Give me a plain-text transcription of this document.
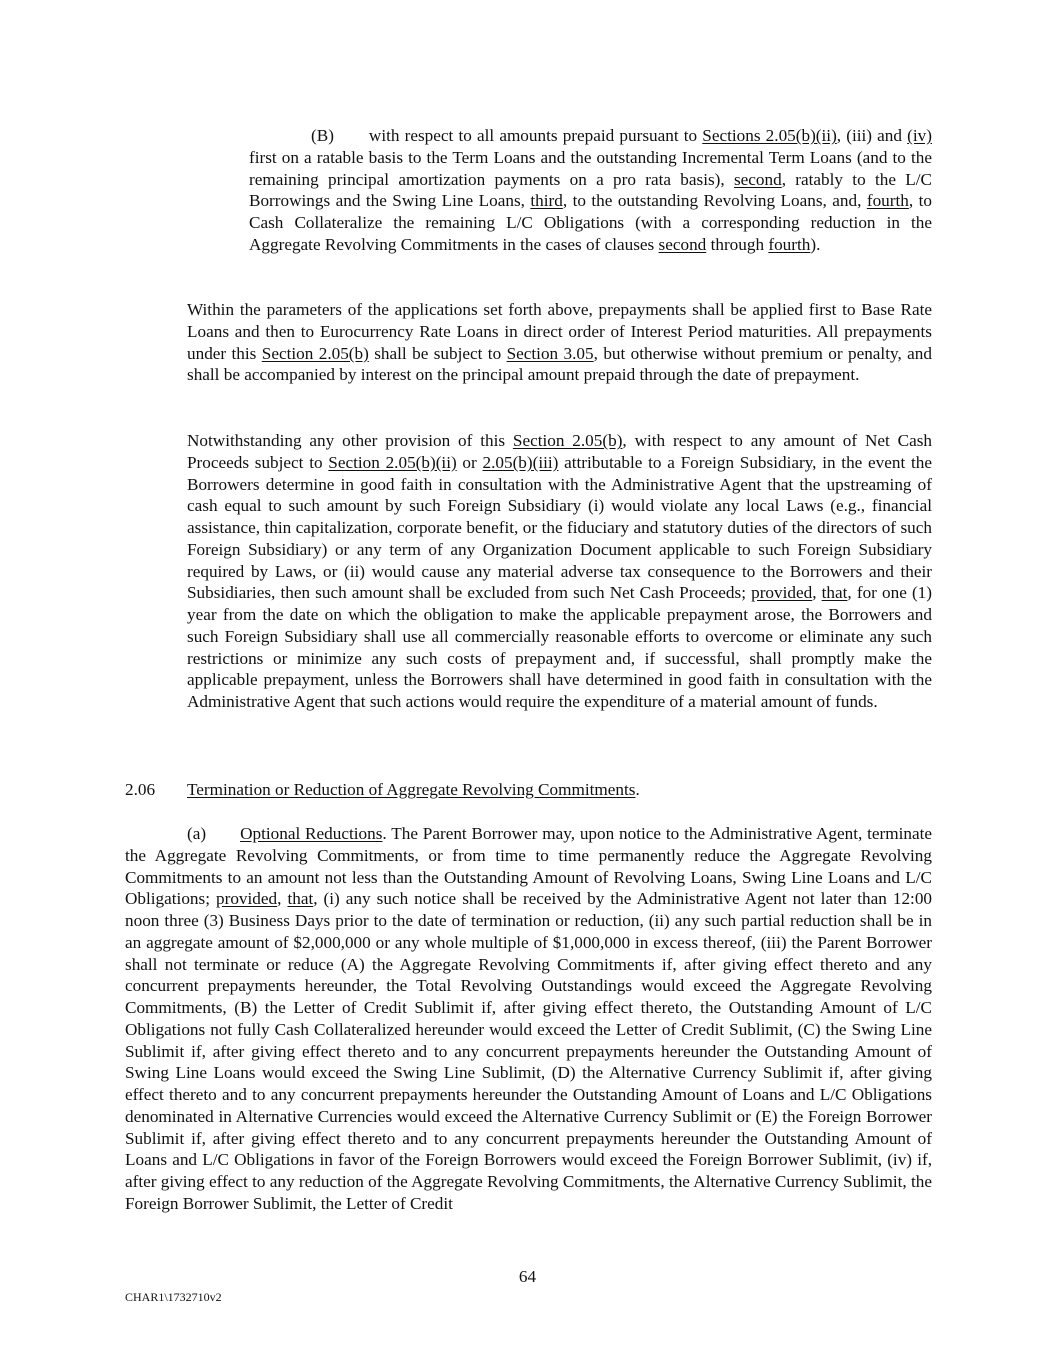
(B) with respect to all amounts prepaid pursuant to Sections 2.05(b)(ii), (iii) and (iv) first on a ratable basis to the Term Loans and the outstanding Incremental Term Loans (and to the remaining principal amortization payments on a pro rata basis), second, ratably to the L/C Borrowings and the Swing Line Loans, third, to the outstanding Revolving Loans, and, fourth, to Cash Collateralize the remaining L/C Obligations (with a corresponding reduction in the Aggregate Revolving Commitments in the cases of clauses second through fourth).

Within the parameters of the applications set forth above, prepayments shall be applied first to Base Rate Loans and then to Eurocurrency Rate Loans in direct order of Interest Period maturities. All prepayments under this Section 2.05(b) shall be subject to Section 3.05, but otherwise without premium or penalty, and shall be accompanied by interest on the principal amount prepaid through the date of prepayment.

Notwithstanding any other provision of this Section 2.05(b), with respect to any amount of Net Cash Proceeds subject to Section 2.05(b)(ii) or 2.05(b)(iii) attributable to a Foreign Subsidiary, in the event the Borrowers determine in good faith in consultation with the Administrative Agent that the upstreaming of cash equal to such amount by such Foreign Subsidiary (i) would violate any local Laws (e.g., financial assistance, thin capitalization, corporate benefit, or the fiduciary and statutory duties of the directors of such Foreign Subsidiary) or any term of any Organization Document applicable to such Foreign Subsidiary required by Laws, or (ii) would cause any material adverse tax consequence to the Borrowers and their Subsidiaries, then such amount shall be excluded from such Net Cash Proceeds; provided, that, for one (1) year from the date on which the obligation to make the applicable prepayment arose, the Borrowers and such Foreign Subsidiary shall use all commercially reasonable efforts to overcome or eliminate any such restrictions or minimize any such costs of prepayment and, if successful, shall promptly make the applicable prepayment, unless the Borrowers shall have determined in good faith in consultation with the Administrative Agent that such actions would require the expenditure of a material amount of funds.

2.06 Termination or Reduction of Aggregate Revolving Commitments.

(a) Optional Reductions. The Parent Borrower may, upon notice to the Administrative Agent, terminate the Aggregate Revolving Commitments, or from time to time permanently reduce the Aggregate Revolving Commitments to an amount not less than the Outstanding Amount of Revolving Loans, Swing Line Loans and L/C Obligations; provided, that, (i) any such notice shall be received by the Administrative Agent not later than 12:00 noon three (3) Business Days prior to the date of termination or reduction, (ii) any such partial reduction shall be in an aggregate amount of $2,000,000 or any whole multiple of $1,000,000 in excess thereof, (iii) the Parent Borrower shall not terminate or reduce (A) the Aggregate Revolving Commitments if, after giving effect thereto and any concurrent prepayments hereunder, the Total Revolving Outstandings would exceed the Aggregate Revolving Commitments, (B) the Letter of Credit Sublimit if, after giving effect thereto, the Outstanding Amount of L/C Obligations not fully Cash Collateralized hereunder would exceed the Letter of Credit Sublimit, (C) the Swing Line Sublimit if, after giving effect thereto and to any concurrent prepayments hereunder the Outstanding Amount of Swing Line Loans would exceed the Swing Line Sublimit, (D) the Alternative Currency Sublimit if, after giving effect thereto and to any concurrent prepayments hereunder the Outstanding Amount of Loans and L/C Obligations denominated in Alternative Currencies would exceed the Alternative Currency Sublimit or (E) the Foreign Borrower Sublimit if, after giving effect thereto and to any concurrent prepayments hereunder the Outstanding Amount of Loans and L/C Obligations in favor of the Foreign Borrowers would exceed the Foreign Borrower Sublimit, (iv) if, after giving effect to any reduction of the Aggregate Revolving Commitments, the Alternative Currency Sublimit, the Foreign Borrower Sublimit, the Letter of Credit

64
CHAR1\1732710v2
